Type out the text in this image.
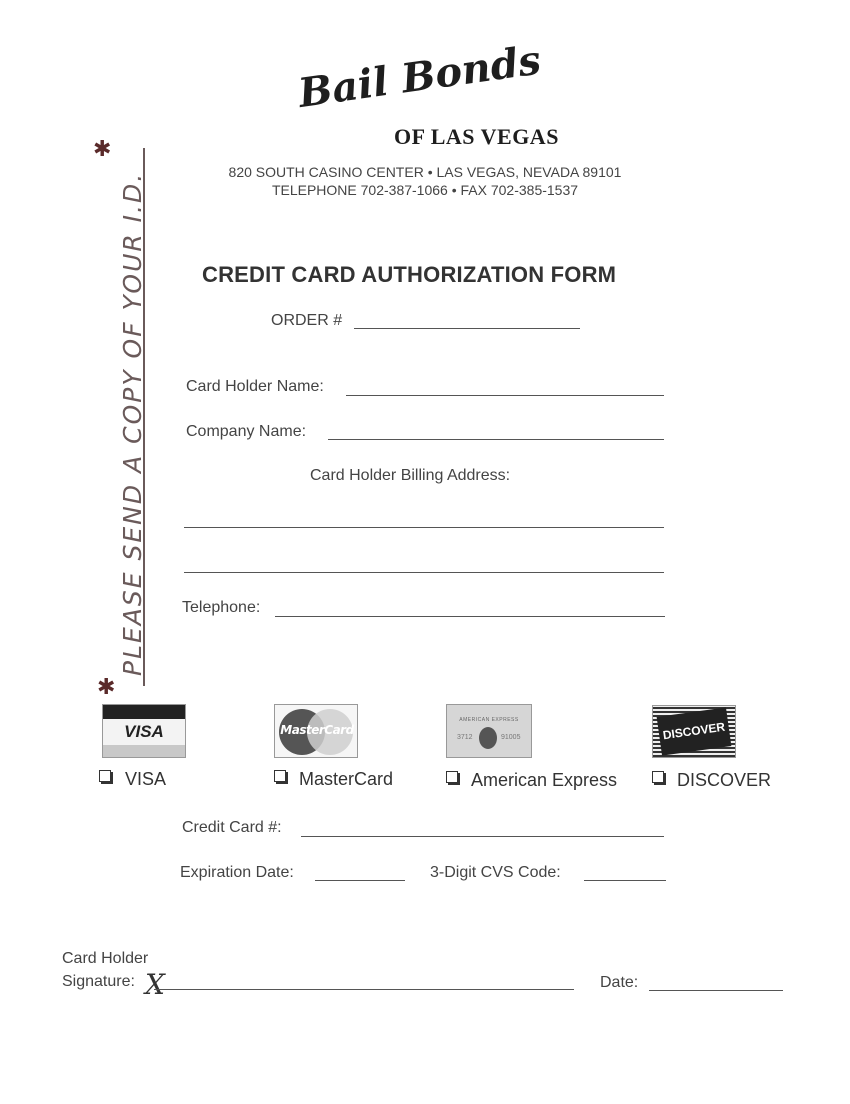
Bail Bonds
OF LAS VEGAS
820 SOUTH CASINO CENTER • LAS VEGAS, NEVADA 89101
TELEPHONE 702-387-1066 • FAX 702-385-1537
✱
PLEASE SEND A COPY OF YOUR I.D.
✱
CREDIT CARD AUTHORIZATION FORM
ORDER #
Card Holder Name:
Company Name:
Card Holder Billing Address:
Telephone:
VISA	MasterCard
AMERICAN EXPRESS
3712	91005	DISCOVER
VISA	MasterCard	American Express	DISCOVER
Credit Card #:
Expiration Date:	3-Digit CVS Code:
Card Holder
Signature: X	Date:
